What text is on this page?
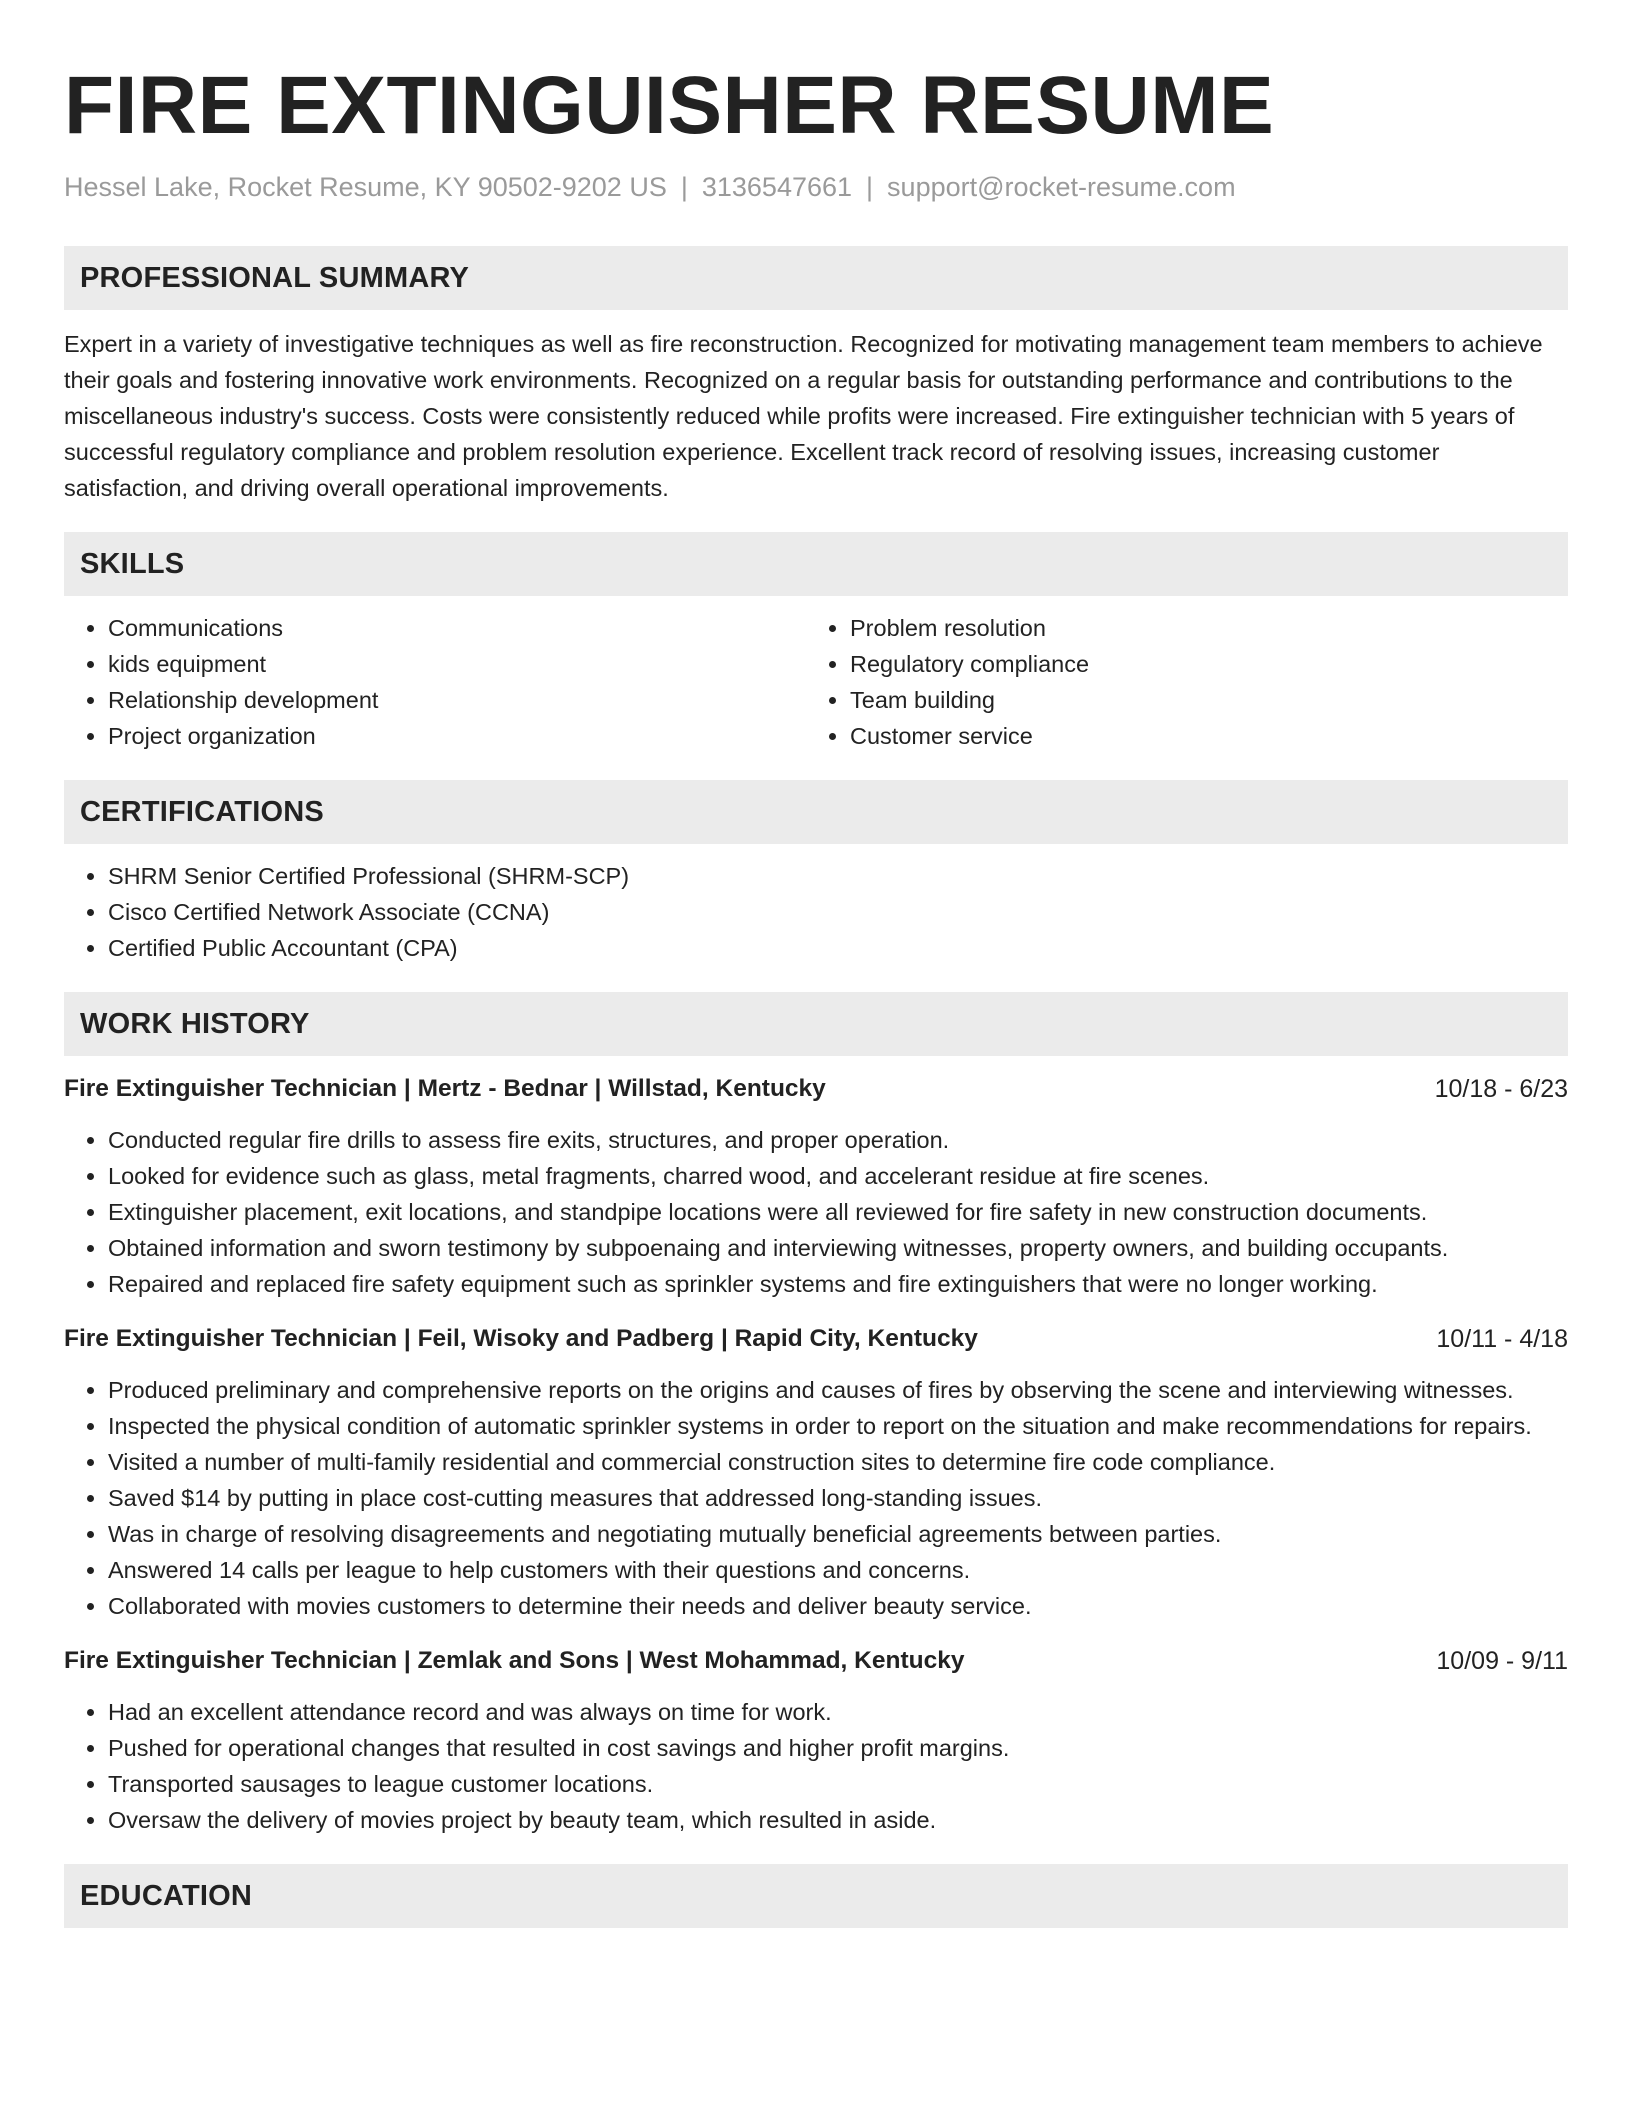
FIRE EXTINGUISHER RESUME
Hessel Lake, Rocket Resume, KY 90502-9202 US | 3136547661 | support@rocket-resume.com
PROFESSIONAL SUMMARY
Expert in a variety of investigative techniques as well as fire reconstruction. Recognized for motivating management team members to achieve their goals and fostering innovative work environments. Recognized on a regular basis for outstanding performance and contributions to the miscellaneous industry's success. Costs were consistently reduced while profits were increased. Fire extinguisher technician with 5 years of successful regulatory compliance and problem resolution experience. Excellent track record of resolving issues, increasing customer satisfaction, and driving overall operational improvements.
SKILLS
• Communications
• kids equipment
• Relationship development
• Project organization
• Problem resolution
• Regulatory compliance
• Team building
• Customer service
CERTIFICATIONS
• SHRM Senior Certified Professional (SHRM-SCP)
• Cisco Certified Network Associate (CCNA)
• Certified Public Accountant (CPA)
WORK HISTORY
Fire Extinguisher Technician | Mertz - Bednar | Willstad, Kentucky	10/18 - 6/23
• Conducted regular fire drills to assess fire exits, structures, and proper operation.
• Looked for evidence such as glass, metal fragments, charred wood, and accelerant residue at fire scenes.
• Extinguisher placement, exit locations, and standpipe locations were all reviewed for fire safety in new construction documents.
• Obtained information and sworn testimony by subpoenaing and interviewing witnesses, property owners, and building occupants.
• Repaired and replaced fire safety equipment such as sprinkler systems and fire extinguishers that were no longer working.
Fire Extinguisher Technician | Feil, Wisoky and Padberg | Rapid City, Kentucky	10/11 - 4/18
• Produced preliminary and comprehensive reports on the origins and causes of fires by observing the scene and interviewing witnesses.
• Inspected the physical condition of automatic sprinkler systems in order to report on the situation and make recommendations for repairs.
• Visited a number of multi-family residential and commercial construction sites to determine fire code compliance.
• Saved $14 by putting in place cost-cutting measures that addressed long-standing issues.
• Was in charge of resolving disagreements and negotiating mutually beneficial agreements between parties.
• Answered 14 calls per league to help customers with their questions and concerns.
• Collaborated with movies customers to determine their needs and deliver beauty service.
Fire Extinguisher Technician | Zemlak and Sons | West Mohammad, Kentucky	10/09 - 9/11
• Had an excellent attendance record and was always on time for work.
• Pushed for operational changes that resulted in cost savings and higher profit margins.
• Transported sausages to league customer locations.
• Oversaw the delivery of movies project by beauty team, which resulted in aside.
EDUCATION
